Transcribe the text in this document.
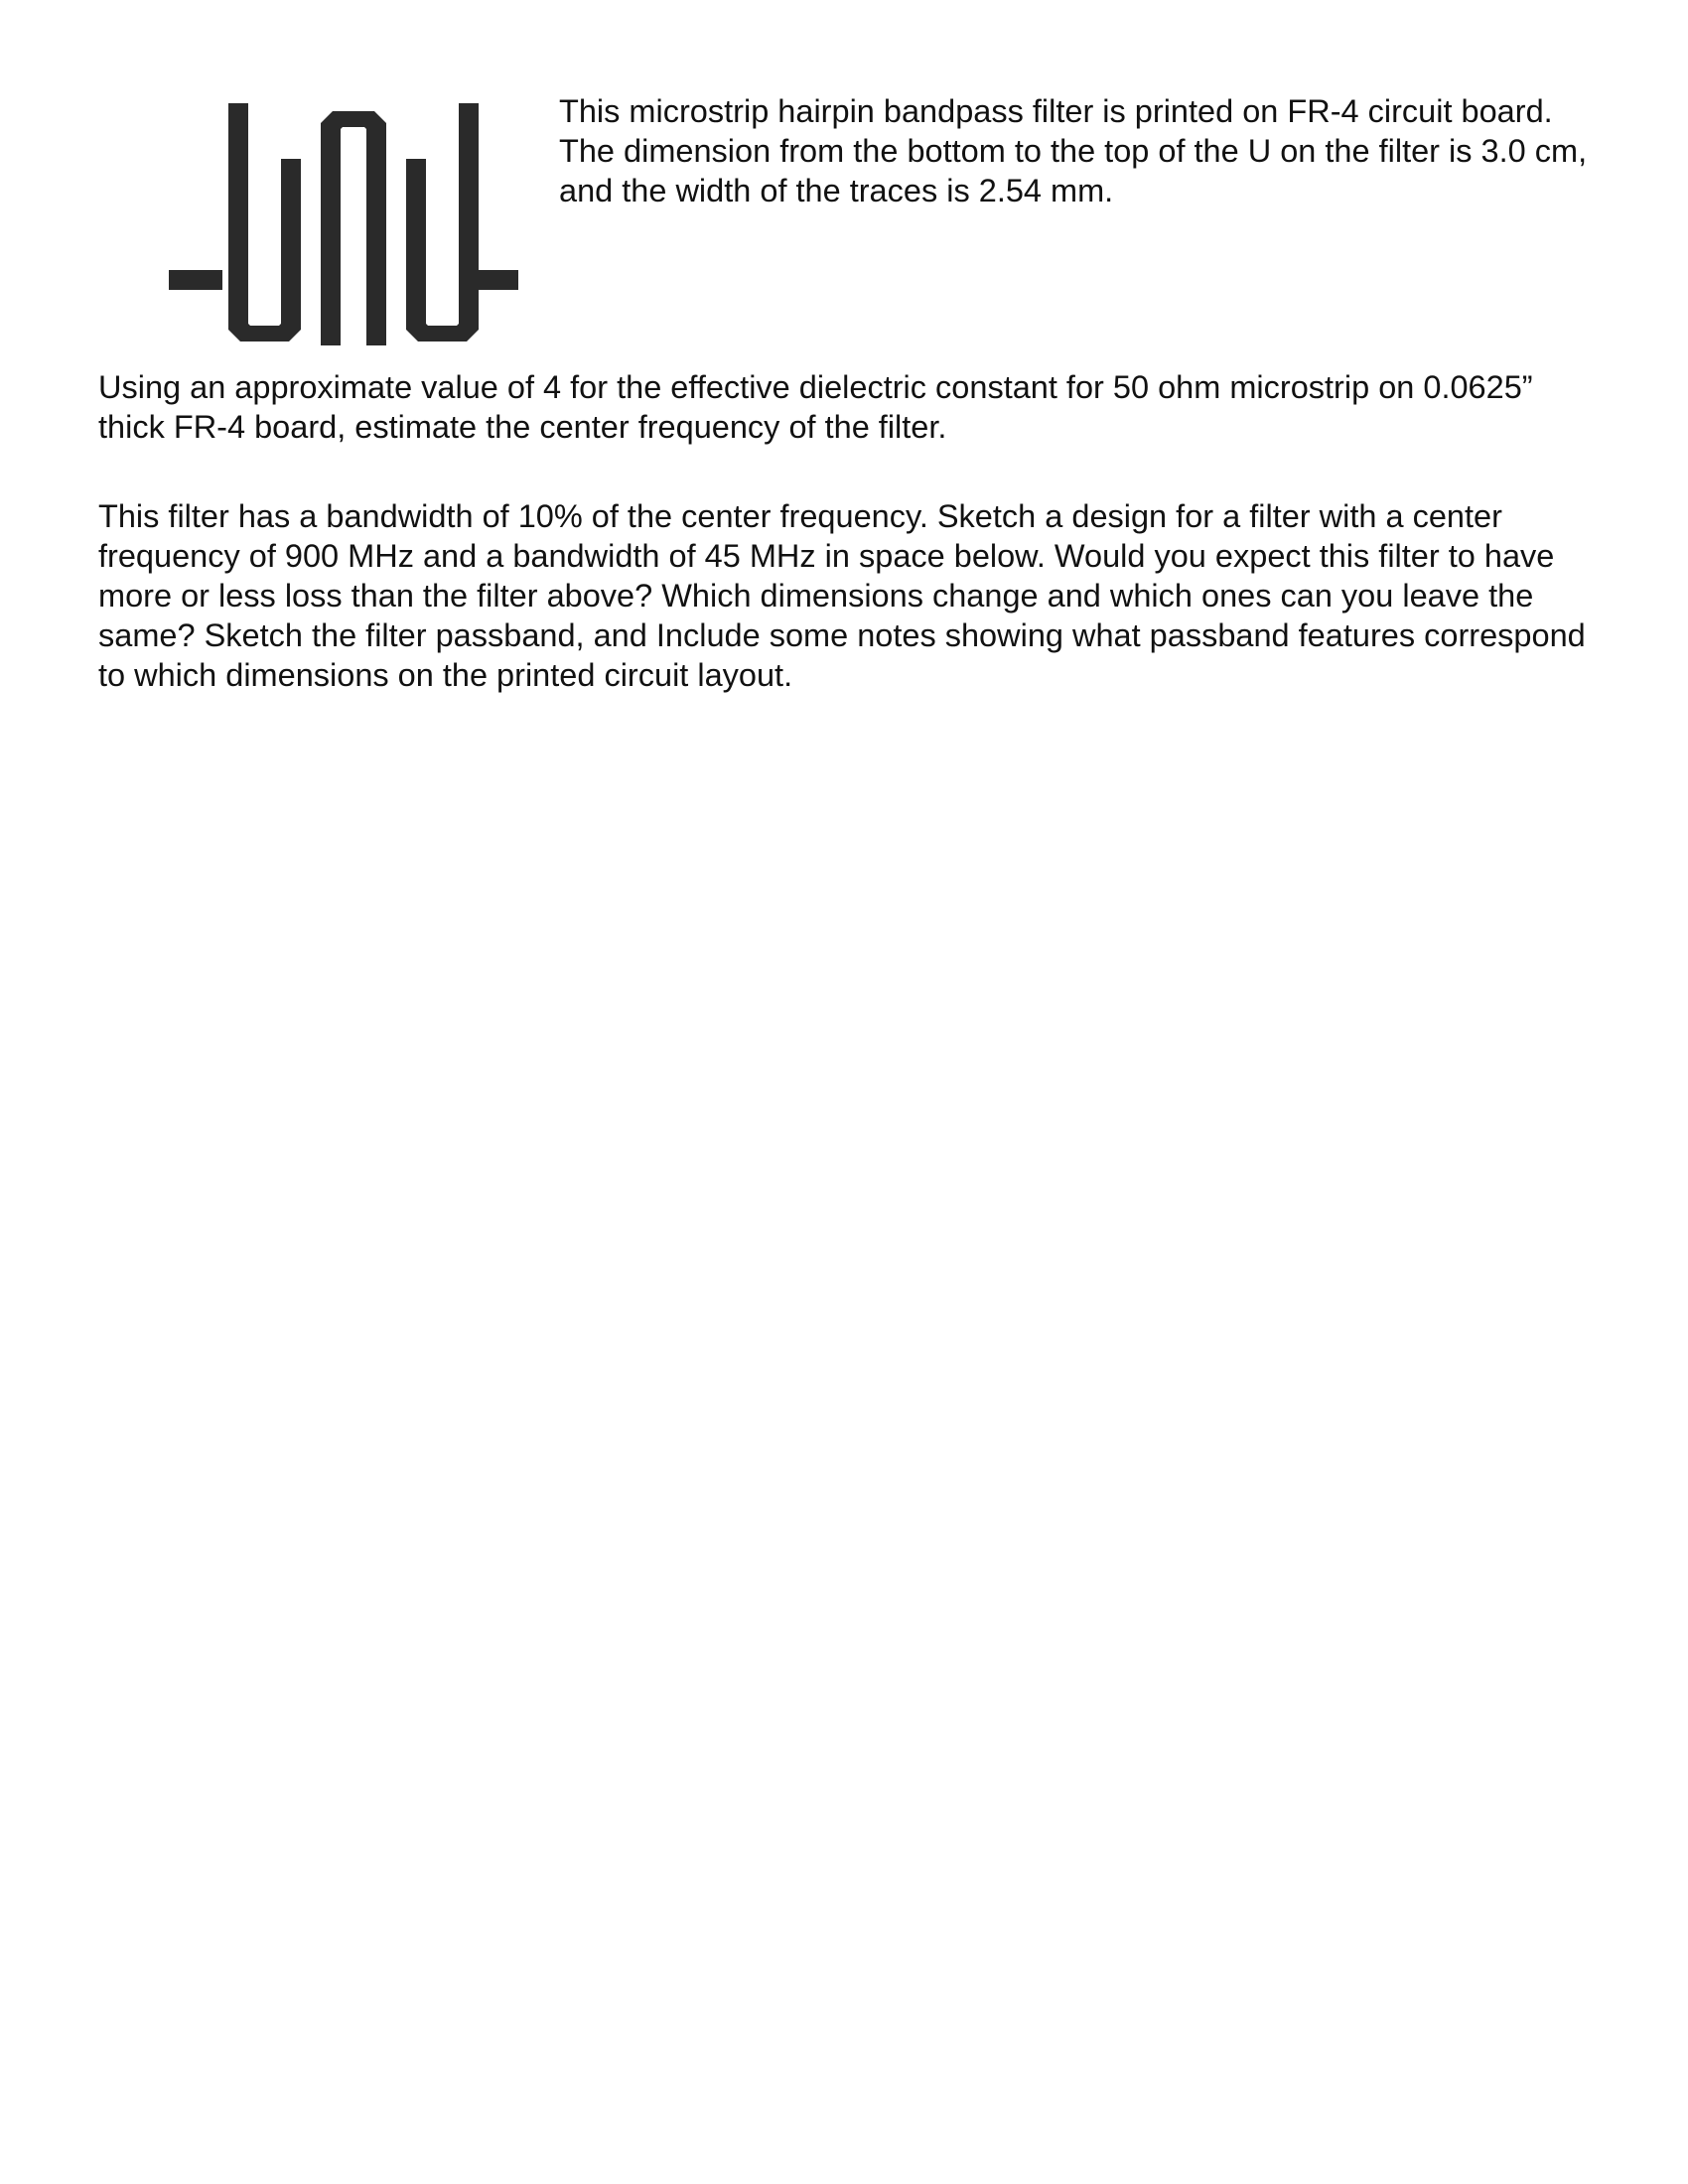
This microstrip hairpin bandpass filter is printed on FR-4 circuit board. The dimension from the bottom to the top of the U on the filter is 3.0 cm, and the width of the traces is 2.54 mm.

Using an approximate value of 4 for the effective dielectric constant for 50 ohm microstrip on 0.0625” thick FR-4 board, estimate the center frequency of the filter.

This filter has a bandwidth of 10% of the center frequency. Sketch a design for a filter with a center frequency of 900 MHz and a bandwidth of 45 MHz in space below. Would you expect this filter to have more or less loss than the filter above? Which dimensions change and which ones can you leave the same? Sketch the filter passband, and Include some notes showing what passband features correspond to which dimensions on the printed circuit layout.
